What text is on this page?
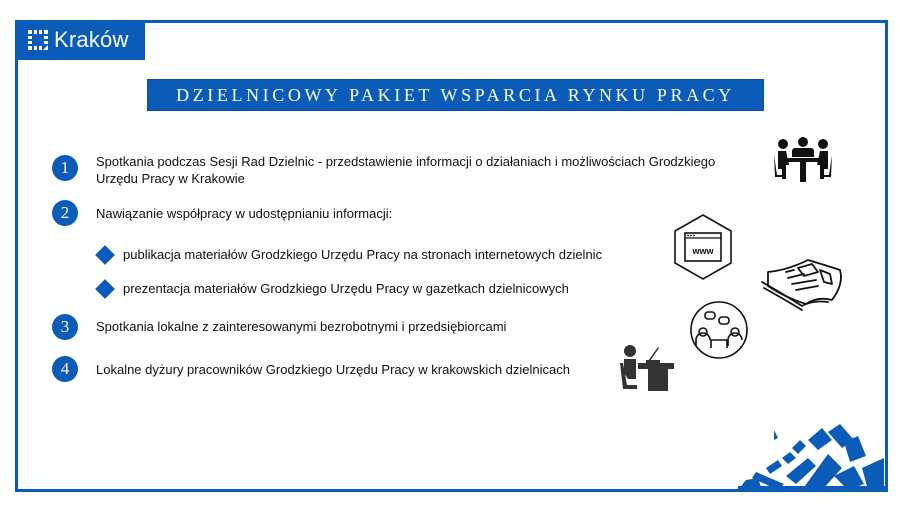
Kraków
DZIELNICOWY PAKIET WSPARCIA RYNKU PRACY
1	Spotkania podczas Sesji Rad Dzielnic - przedstawienie informacji o działaniach i możliwościach Grodzkiego
Urzędu Pracy w Krakowie
2	Nawiązanie współpracy w udostępnianiu informacji:
publikacja materiałów Grodzkiego Urzędu Pracy na stronach internetowych dzielnic
prezentacja materiałów Grodzkiego Urzędu Pracy w gazetkach dzielnicowych
3	Spotkania lokalne z zainteresowanymi bezrobotnymi i przedsiębiorcami
4	Lokalne dyżury pracowników Grodzkiego Urzędu Pracy w krakowskich dzielnicach
www
